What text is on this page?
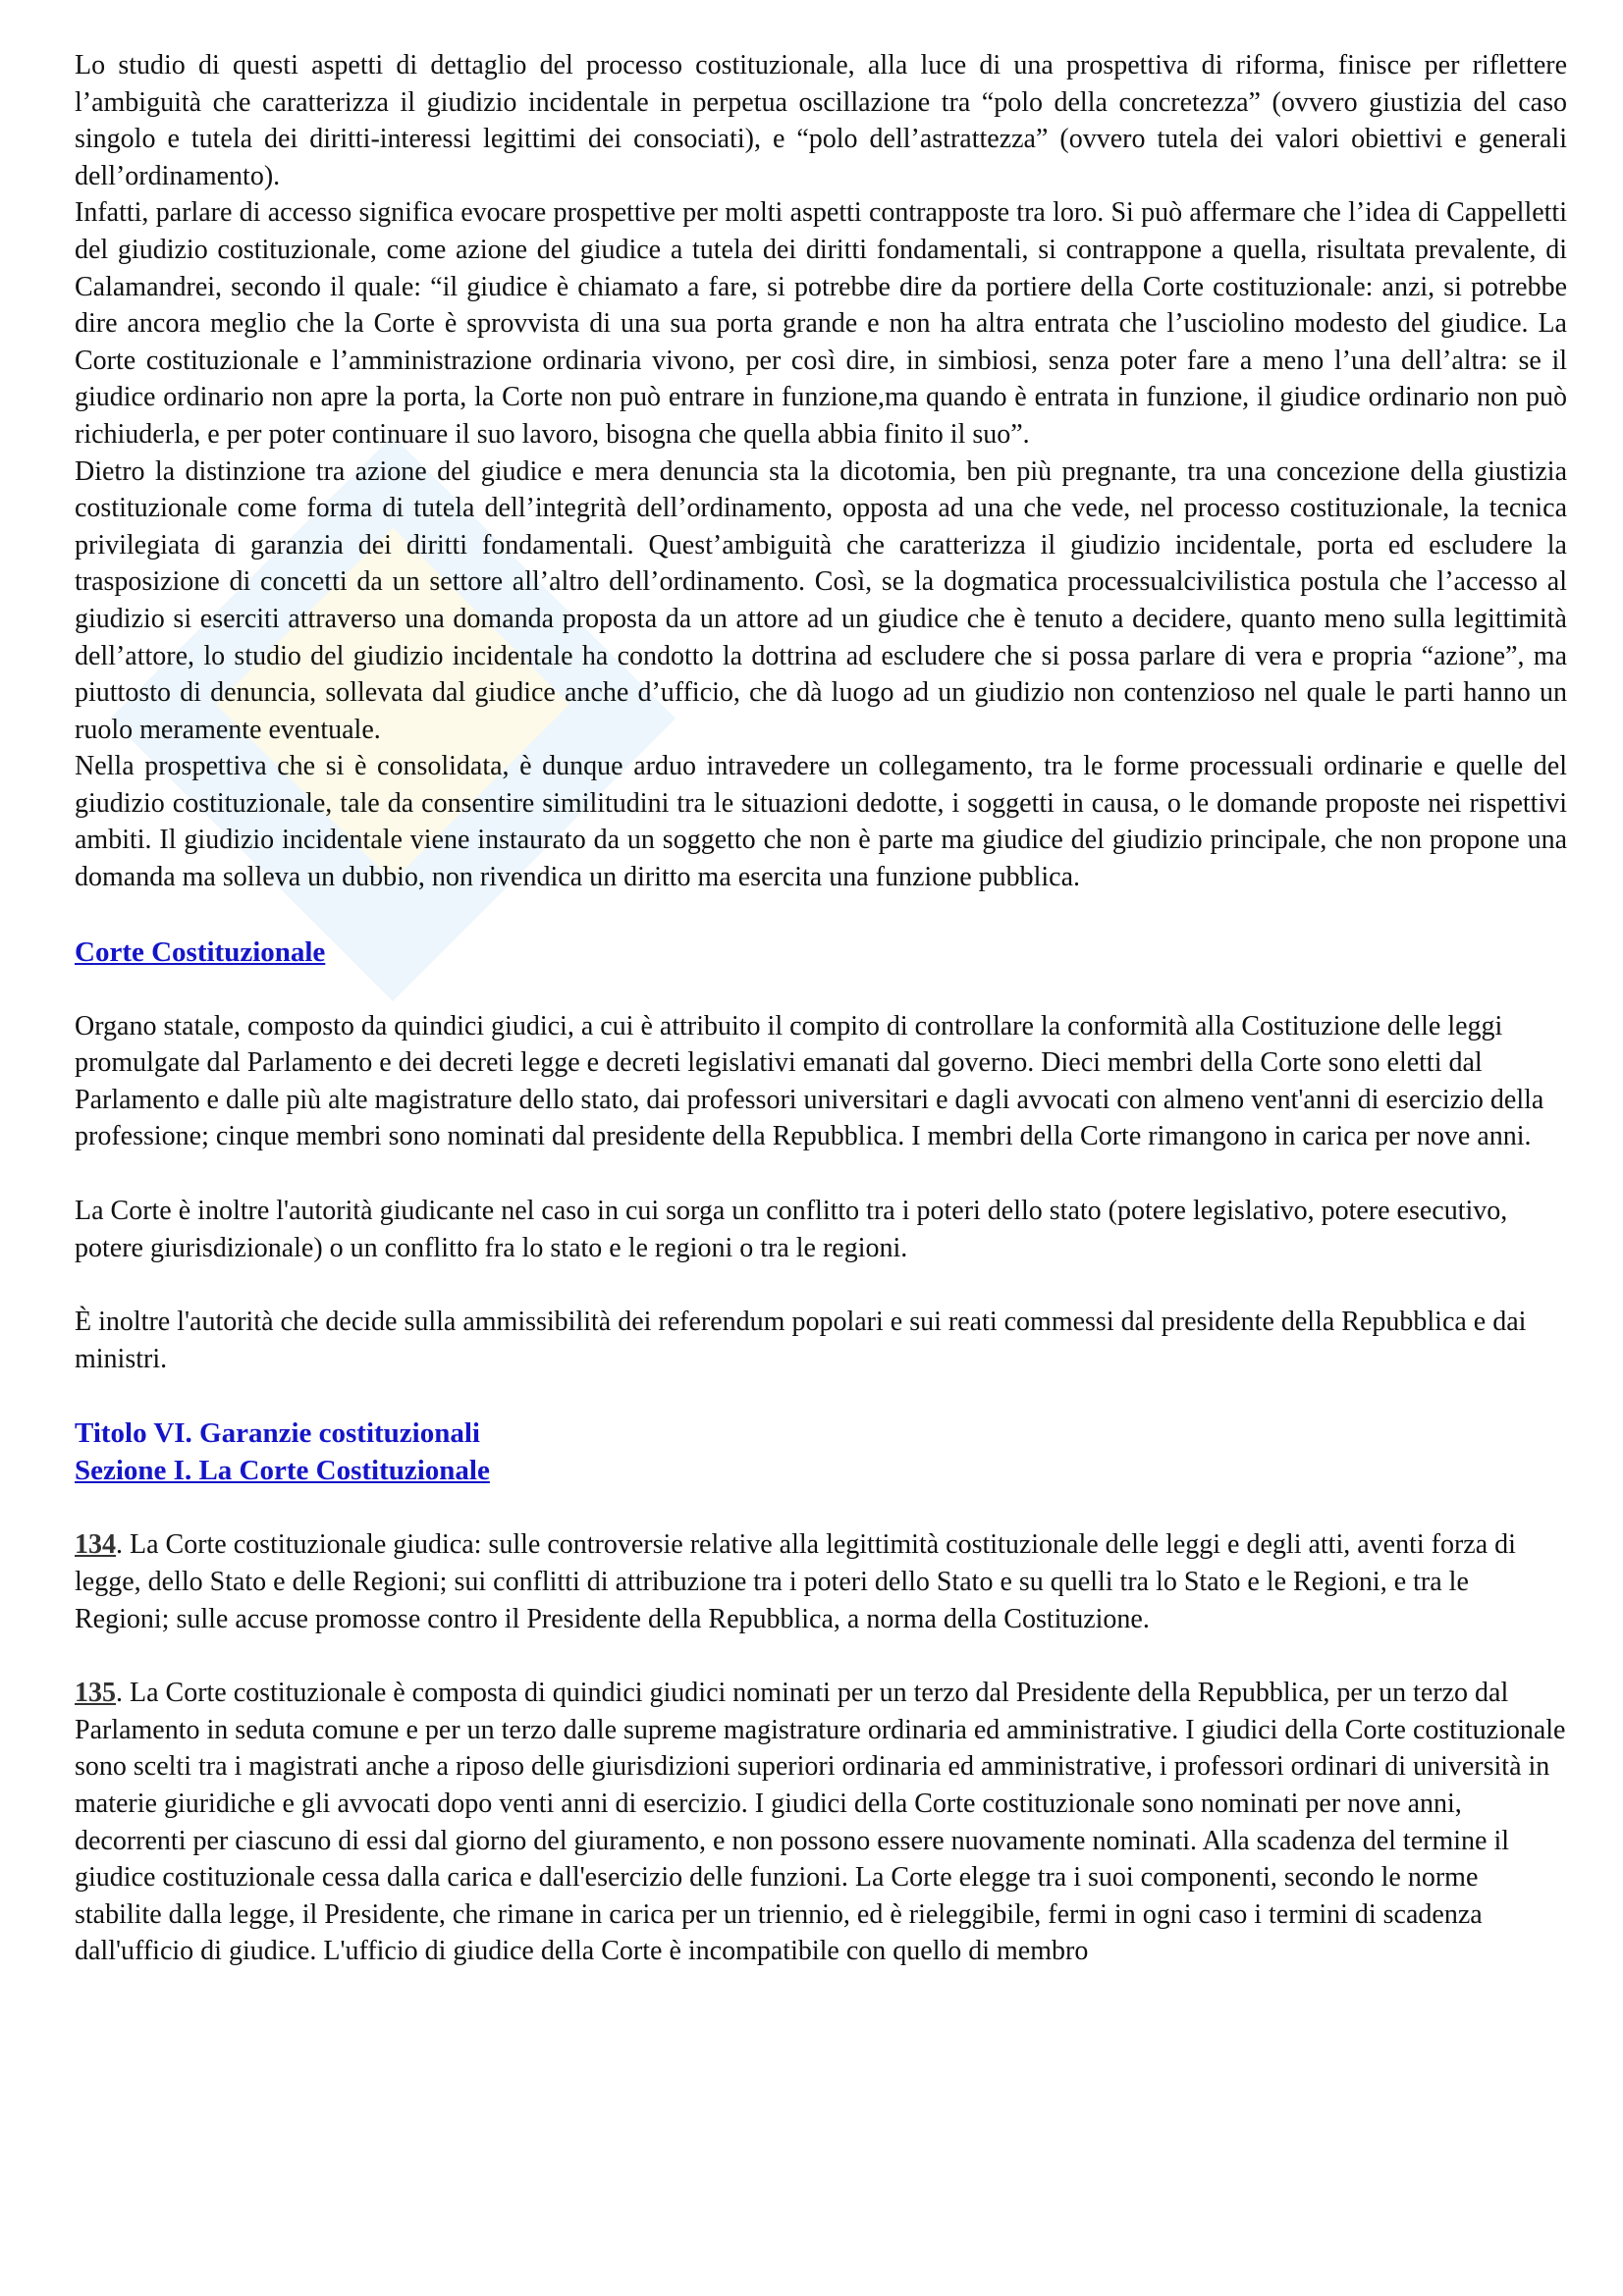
Lo studio di questi aspetti di dettaglio del processo costituzionale, alla luce di una prospettiva di riforma, finisce per riflettere l’ambiguità che caratterizza il giudizio incidentale in perpetua oscillazione tra “polo della concretezza” (ovvero giustizia del caso singolo e tutela dei diritti-interessi legittimi dei consociati), e “polo dell’astrattezza” (ovvero tutela dei valori obiettivi e generali dell’ordinamento).

Infatti, parlare di accesso significa evocare prospettive per molti aspetti contrapposte tra loro. Si può affermare che l’idea di Cappelletti del giudizio costituzionale, come azione del giudice a tutela dei diritti fondamentali, si contrappone a quella, risultata prevalente, di Calamandrei, secondo il quale: “il giudice è chiamato a fare, si potrebbe dire da portiere della Corte costituzionale: anzi, si potrebbe dire ancora meglio che la Corte è sprovvista di una sua porta grande e non ha altra entrata che l’usciolino modesto del giudice. La Corte costituzionale e l’amministrazione ordinaria vivono, per così dire, in simbiosi, senza poter fare a meno l’una dell’altra: se il giudice ordinario non apre la porta, la Corte non può entrare in funzione,ma quando è entrata in funzione, il giudice ordinario non può richiuderla, e per poter continuare il suo lavoro, bisogna che quella abbia finito il suo”.

Dietro la distinzione tra azione del giudice e mera denuncia sta la dicotomia, ben più pregnante, tra una concezione della giustizia costituzionale come forma di tutela dell’integrità dell’ordinamento, opposta ad una che vede, nel processo costituzionale, la tecnica privilegiata di garanzia dei diritti fondamentali. Quest’ambiguità che caratterizza il giudizio incidentale, porta ed escludere la trasposizione di concetti da un settore all’altro dell’ordinamento. Così, se la dogmatica processualcivilistica postula che l’accesso al giudizio si eserciti attraverso una domanda proposta da un attore ad un giudice che è tenuto a decidere, quanto meno sulla legittimità dell’attore, lo studio del giudizio incidentale ha condotto la dottrina ad escludere che si possa parlare di vera e propria “azione”, ma piuttosto di denuncia, sollevata dal giudice anche d’ufficio, che dà luogo ad un giudizio non contenzioso nel quale le parti hanno un ruolo meramente eventuale.

Nella prospettiva che si è consolidata, è dunque arduo intravedere un collegamento, tra le forme processuali ordinarie e quelle del giudizio costituzionale, tale da consentire similitudini tra le situazioni dedotte, i soggetti in causa, o le domande proposte nei rispettivi ambiti. Il giudizio incidentale viene instaurato da un soggetto che non è parte ma giudice del giudizio principale, che non propone una domanda ma solleva un dubbio, non rivendica un diritto ma esercita una funzione pubblica.

Corte Costituzionale

Organo statale, composto da quindici giudici, a cui è attribuito il compito di controllare la conformità alla Costituzione delle leggi promulgate dal Parlamento e dei decreti legge e decreti legislativi emanati dal governo. Dieci membri della Corte sono eletti dal Parlamento e dalle più alte magistrature dello stato, dai professori universitari e dagli avvocati con almeno vent'anni di esercizio della professione; cinque membri sono nominati dal presidente della Repubblica. I membri della Corte rimangono in carica per nove anni.

La Corte è inoltre l'autorità giudicante nel caso in cui sorga un conflitto tra i poteri dello stato (potere legislativo, potere esecutivo, potere giurisdizionale) o un conflitto fra lo stato e le regioni o tra le regioni.

È inoltre l'autorità che decide sulla ammissibilità dei referendum popolari e sui reati commessi dal presidente della Repubblica e dai ministri.

Titolo VI. Garanzie costituzionali
Sezione I. La Corte Costituzionale

134. La Corte costituzionale giudica: sulle controversie relative alla legittimità costituzionale delle leggi e degli atti, aventi forza di legge, dello Stato e delle Regioni; sui conflitti di attribuzione tra i poteri dello Stato e su quelli tra lo Stato e le Regioni, e tra le Regioni; sulle accuse promosse contro il Presidente della Repubblica, a norma della Costituzione.

135. La Corte costituzionale è composta di quindici giudici nominati per un terzo dal Presidente della Repubblica, per un terzo dal Parlamento in seduta comune e per un terzo dalle supreme magistrature ordinaria ed amministrative. I giudici della Corte costituzionale sono scelti tra i magistrati anche a riposo delle giurisdizioni superiori ordinaria ed amministrative, i professori ordinari di università in materie giuridiche e gli avvocati dopo venti anni di esercizio. I giudici della Corte costituzionale sono nominati per nove anni, decorrenti per ciascuno di essi dal giorno del giuramento, e non possono essere nuovamente nominati. Alla scadenza del termine il giudice costituzionale cessa dalla carica e dall'esercizio delle funzioni. La Corte elegge tra i suoi componenti, secondo le norme stabilite dalla legge, il Presidente, che rimane in carica per un triennio, ed è rieleggibile, fermi in ogni caso i termini di scadenza dall'ufficio di giudice. L'ufficio di giudice della Corte è incompatibile con quello di membro
